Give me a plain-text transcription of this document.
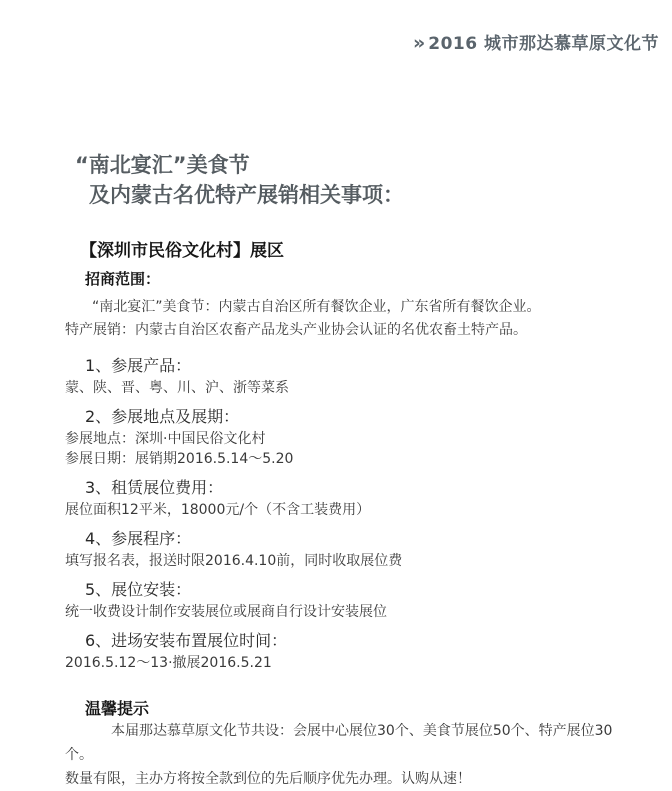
» 2016 城市那达慕草原文化节
“南北宴汇”美食节
及内蒙古名优特产展销相关事项：
【深圳市民俗文化村】展区
招商范围：
“南北宴汇”美食节：内蒙古自治区所有餐饮企业，广东省所有餐饮企业。
特产展销：内蒙古自治区农畜产品龙头产业协会认证的名优农畜土特产品。
1、参展产品：
蒙、陕、晋、粤、川、沪、浙等菜系
2、参展地点及展期：
参展地点：深圳·中国民俗文化村
参展日期：展销期2016.5.14～5.20
3、租赁展位费用：
展位面积12平米，18000元/个（不含工装费用）
4、参展程序：
填写报名表，报送时限2016.4.10前，同时收取展位费
5、展位安装：
统一收费设计制作安装展位或展商自行设计安装展位
6、进场安装布置展位时间：
2016.5.12～13·撤展2016.5.21
温馨提示
本届那达慕草原文化节共设：会展中心展位30个、美食节展位50个、特产展位30个。
数量有限，主办方将按全款到位的先后顺序优先办理。认购从速！
